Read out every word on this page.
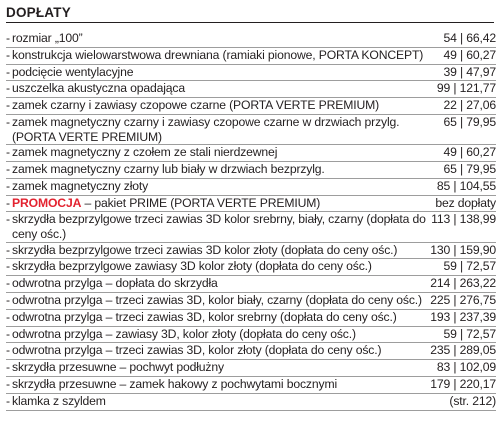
DOPŁATY
- rozmiar „100”	54 | 66,42
- konstrukcja wielowarstwowa drewniana (ramiaki pionowe, PORTA KONCEPT)	49 | 60,27
- podcięcie wentylacyjne	39 | 47,97
- uszczelka akustyczna opadająca	99 | 121,77
- zamek czarny i zawiasy czopowe czarne (PORTA VERTE PREMIUM)	22 | 27,06
- zamek magnetyczny czarny i zawiasy czopowe czarne w drzwiach przylg. (PORTA VERTE PREMIUM)
65 | 79,95
- zamek magnetyczny z czołem ze stali nierdzewnej	49 | 60,27
- zamek magnetyczny czarny lub biały w drzwiach bezprzylg.	65 | 79,95
- zamek magnetyczny złoty	85 | 104,55
- PROMOCJA – pakiet PRIME (PORTA VERTE PREMIUM)	bez dopłaty
- skrzydła bezprzylgowe trzeci zawias 3D kolor srebrny, biały, czarny (dopłata do ceny ośc.)
113 | 138,99
- skrzydła bezprzylgowe trzeci zawias 3D kolor złoty (dopłata do ceny ośc.)	130 | 159,90
- skrzydła bezprzylgowe zawiasy 3D kolor złoty (dopłata do ceny ośc.)	59 | 72,57
- odwrotna przylga – dopłata do skrzydła	214 | 263,22
- odwrotna przylga – trzeci zawias 3D, kolor biały, czarny (dopłata do ceny ośc.) 225 | 276,75
- odwrotna przylga – trzeci zawias 3D, kolor srebrny (dopłata do ceny ośc.)	193 | 237,39
- odwrotna przylga – zawiasy 3D, kolor złoty (dopłata do ceny ośc.)	59 | 72,57
- odwrotna przylga – trzeci zawias 3D, kolor złoty (dopłata do ceny ośc.)	235 | 289,05
- skrzydła przesuwne – pochwyt podłużny	83 | 102,09
- skrzydła przesuwne – zamek hakowy z pochwytami bocznymi	179 | 220,17
- klamka z szyldem	(str. 212)
